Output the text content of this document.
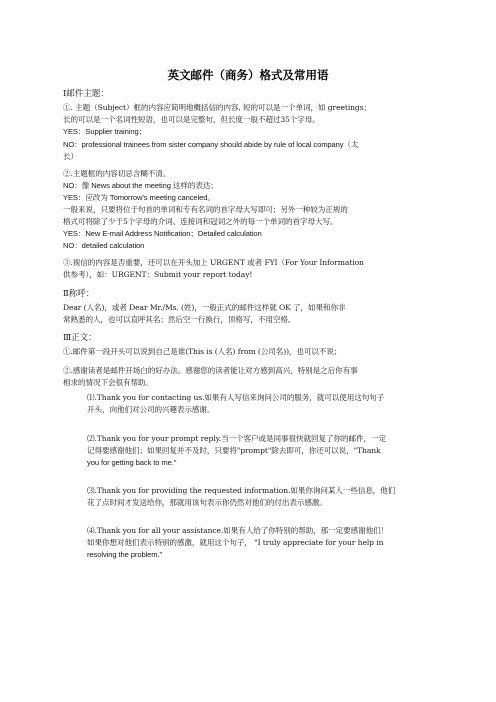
英文邮件（商务）格式及常用语
Ⅰ邮件主题：
①. 主题（Subject）框的内容应简明地概括信的内容, 短的可以是一个单词，如 greetings；
长的可以是一个名词性短语，也可以是完整句，但长度一般不超过35个字母。
YES：Supplier training；
NO：professional trainees from sister company should abide by rule of local company（太
长）
②.主题框的内容切忌含糊不清。
NO：像 News about the meeting 这样的表达；
YES：应改为 Tomorrow's meeting canceled。
一般来说，只要将位于句首的单词和专有名词的首字母大写即可；另外一种较为正规的
格式可将除了少于5个字母的介词、连接词和冠词之外的每一个单词的首字母大写。
YES：New E-mail Address Notification；Detailed calculation
NO：detailed calculation
③.视信的内容是否重要，还可以在开头加上 URGENT 或者 FYI（For Your Information
供参考），如：URGENT：Submit your report today!
Ⅱ称呼：
Dear (人名)，或者 Dear Mr./Ms. (姓)，一般正式的邮件这样就 OK 了，如果和你非
常熟悉的人，也可以直呼其名；然后空一行换行，顶格写，不用空格。
Ⅲ正文：
①.邮件第一段开头可以说到自己是谁(This is (人名) from (公司名))，也可以不说；
②.感谢读者是邮件开场白的好办法。感谢您的读者能让对方感到高兴，特别是之后你有事
相求的情况下会很有帮助。
⑴.Thank you for contacting us.如果有人写信来询问公司的服务，就可以使用这句句子
开头，向他们对公司的兴趣表示感谢。
⑵.Thank you for your prompt reply.当一个客户或是同事很快就回复了你的邮件，一定
记得要感谢他们；如果回复并不及时，只要将"prompt"除去即可，你还可以说，"Thank
you for getting back to me."
⑶.Thank you for providing the requested information.如果你询问某人一些信息，他们
花了点时间才发送给你，那就用该句表示你仍然对他们的付出表示感激。
⑷.Thank you for all your assistance.如果有人给了你特别的帮助，那一定要感谢他们！
如果你想对他们表示特别的感激，就用这个句子， "I truly appreciate for your help in
resolving the problem."
